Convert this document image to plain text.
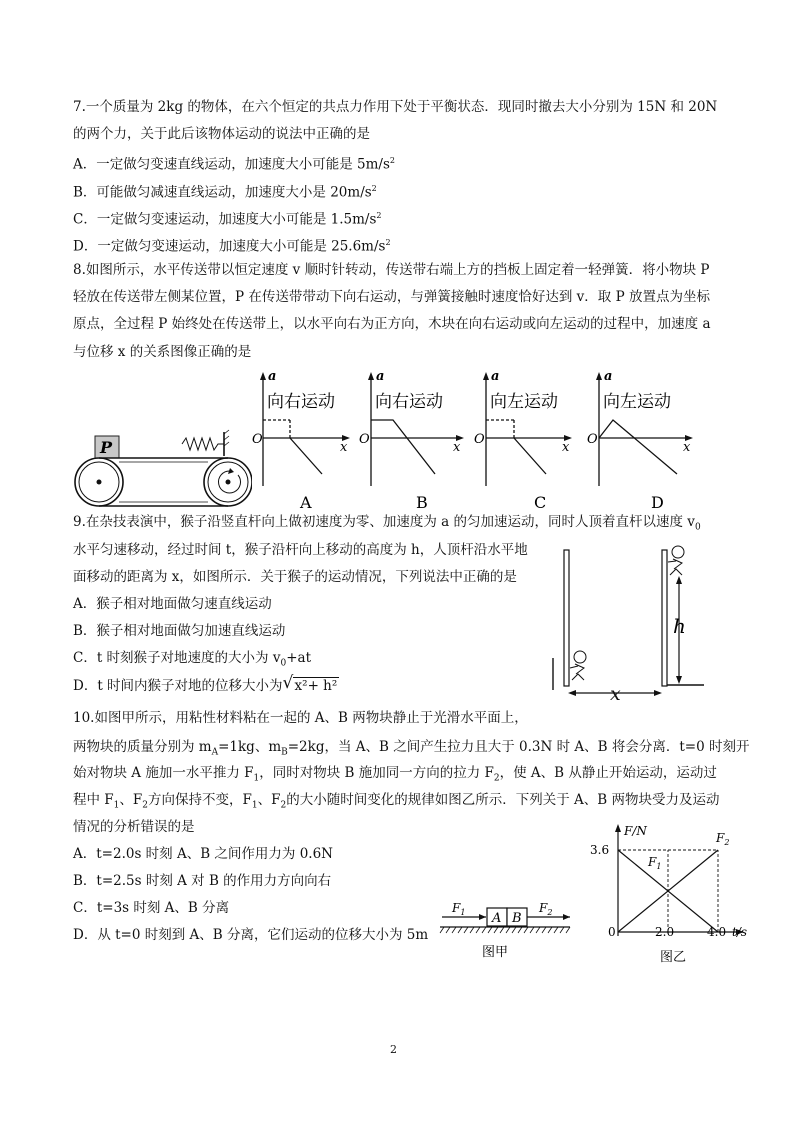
7.一个质量为 2kg 的物体，在六个恒定的共点力作用下处于平衡状态．现同时撤去大小分别为 15N 和 20N
的两个力，关于此后该物体运动的说法中正确的是
A．一定做匀变速直线运动，加速度大小可能是 $5m/s^2$
B．可能做匀减速直线运动，加速度大小是 $20m/s^2$
C．一定做匀变速运动，加速度大小可能是 $1.5m/s^2$
D．一定做匀变速运动，加速度大小可能是 $25.6m/s^2$
8.如图所示，水平传送带以恒定速度 v 顺时针转动，传送带右端上方的挡板上固定着一轻弹簧．将小物块 P
轻放在传送带左侧某位置，P 在传送带带动下向右运动，与弹簧接触时速度恰好达到 v．取 P 放置点为坐标
原点，全过程 P 始终处在传送带上，以水平向右为正方向，木块在向右运动或向左运动的过程中，加速度 a
与位移 x 的关系图像正确的是
P
a
向右运动
O
x
A
a
向右运动
O
x
B
a
向左运动
O
x
C
a
向左运动
O
x
D
9.在杂技表演中，猴子沿竖直杆向上做初速度为零、加速度为 a 的匀加速运动，同时人顶着直杆以速度 $v_0$
水平匀速移动，经过时间 t，猴子沿杆向上移动的高度为 h，人顶杆沿水平地
面移动的距离为 x，如图所示．关于猴子的运动情况，下列说法中正确的是
A．猴子相对地面做匀速直线运动
B．猴子相对地面做匀加速直线运动
C．t 时刻猴子对地速度的大小为 $v_0+at$
D．t 时间内猴子对地的位移大小为 √ x²+ h²
h
x
10.如图甲所示，用粘性材料粘在一起的 A、B 两物块静止于光滑水平面上，
两物块的质量分别为 $m_A=1kg$、$m_B=2kg$，当 A、B 之间产生拉力且大于 0.3N 时 A、B 将会分离．t=0 时刻开
始对物块 A 施加一水平推力 $F_1$，同时对物块 B 施加同一方向的拉力 $F_2$，使 A、B 从静止开始运动，运动过
程中 $F_1$、$F_2$方向保持不变，$F_1$、$F_2$的大小随时间变化的规律如图乙所示．下列关于 A、B 两物块受力及运动
情况的分析错误的是
A．t=2.0s 时刻 A、B 之间作用力为 0.6N
B．t=2.5s 时刻 A 对 B 的作用力方向向右
C．t=3s 时刻 A、B 分离
D．从 t=0 时刻到 A、B 分离，它们运动的位移大小为 5m
$F_1$ A B
$F_2$
图甲
F/N
3.6
0	2.0	4.0 t/s
$F_1$
$F_2$
图乙
2
